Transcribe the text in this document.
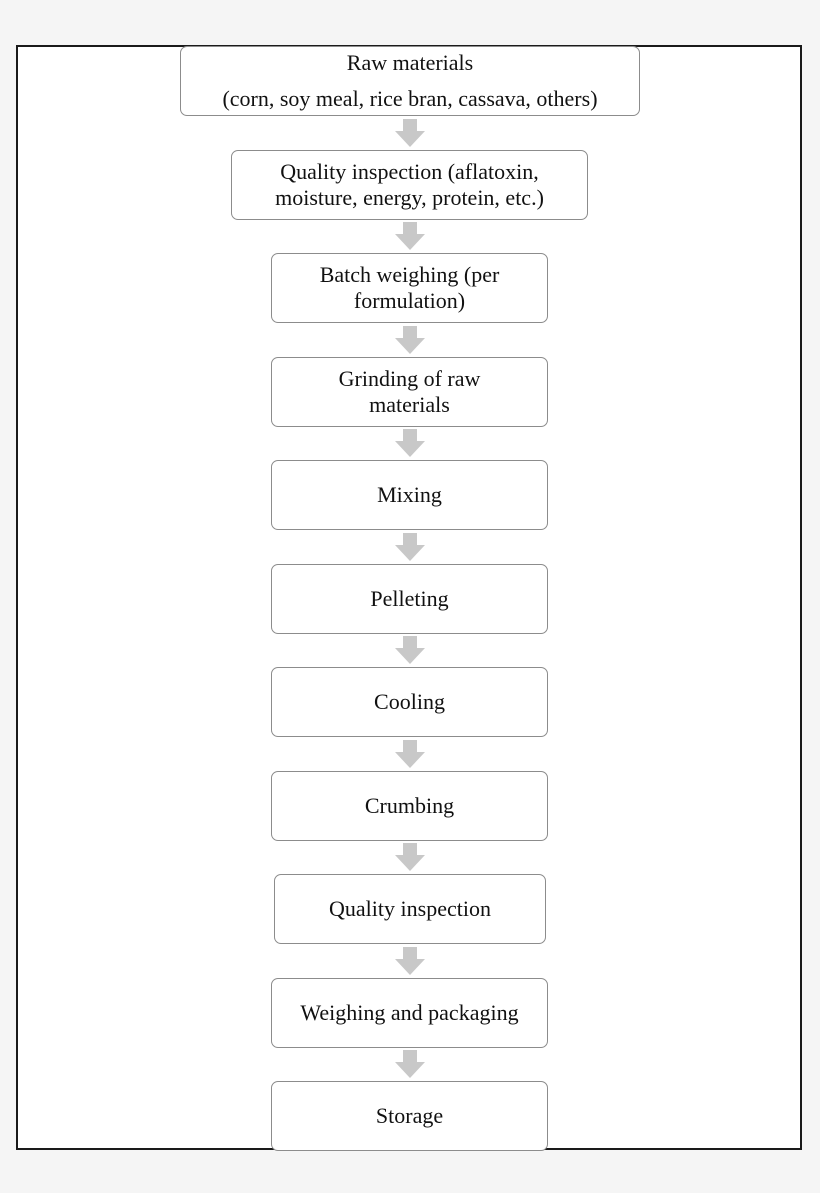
Raw materials
(corn, soy meal, rice bran, cassava, others)
Quality inspection (aflatoxin,
moisture, energy, protein, etc.)
Batch weighing (per
formulation)
Grinding of raw
materials
Mixing
Pelleting
Cooling
Crumbing
Quality inspection
Weighing and packaging
Storage
